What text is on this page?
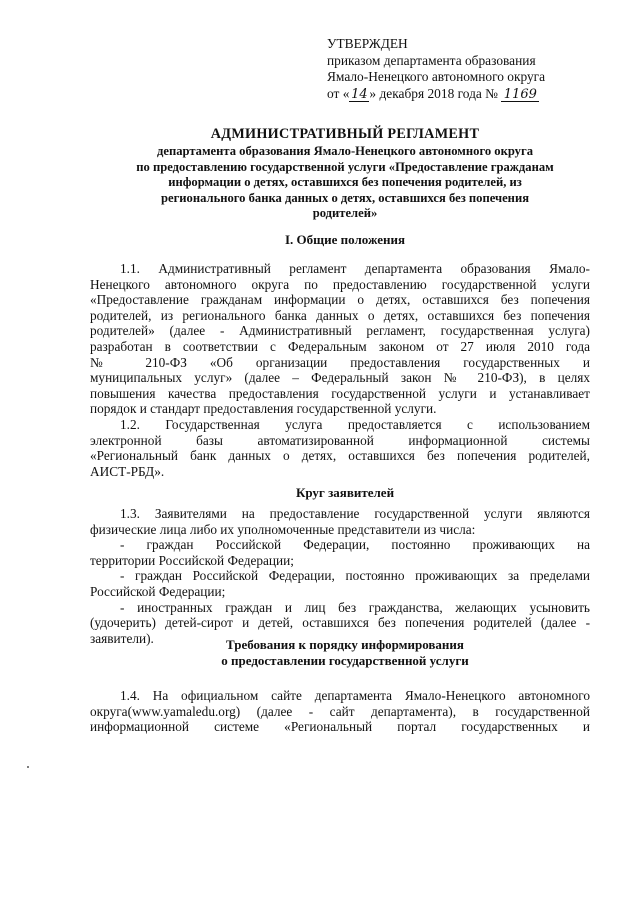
УТВЕРЖДЕН
приказом департамента образования
Ямало-Ненецкого автономного округа
от « 14 » декабря 2018 года № 1169
АДМИНИСТРАТИВНЫЙ РЕГЛАМЕНТ
департамента образования Ямало-Ненецкого автономного округа
по предоставлению государственной услуги «Предоставление гражданам
информации о детях, оставшихся без попечения родителей, из
регионального банка данных о детях, оставшихся без попечения
родителей»
I. Общие положения
1.1. Административный регламент департамента образования Ямало-
Ненецкого автономного округа по предоставлению государственной услуги
«Предоставление гражданам информации о детях, оставшихся без попечения
родителей, из регионального банка данных о детях, оставшихся без попечения
родителей» (далее - Административный регламент, государственная услуга)
разработан в соответствии с Федеральным законом от 27 июля 2010 года
№ 210-ФЗ «Об организации предоставления государственных и
муниципальных услуг» (далее – Федеральный закон № 210-ФЗ), в целях
повышения качества предоставления государственной услуги и устанавливает
порядок и стандарт предоставления государственной услуги.
1.2. Государственная услуга предоставляется с использованием
электронной базы автоматизированной информационной системы
«Региональный банк данных о детях, оставшихся без попечения родителей,
АИСТ-РБД».
Круг заявителей
1.3. Заявителями на предоставление государственной услуги являются
физические лица либо их уполномоченные представители из числа:
- граждан Российской Федерации, постоянно проживающих на
территории Российской Федерации;
- граждан Российской Федерации, постоянно проживающих за пределами
Российской Федерации;
- иностранных граждан и лиц без гражданства, желающих усыновить
(удочерить) детей-сирот и детей, оставшихся без попечения родителей (далее -
заявители).	Требования к порядку информирования
о предоставлении государственной услуги
1.4. На официальном сайте департамента Ямало-Ненецкого автономного
округа(www.yamaledu.org) (далее - сайт департамента), в государственной
информационной системе «Региональный портал государственных и
